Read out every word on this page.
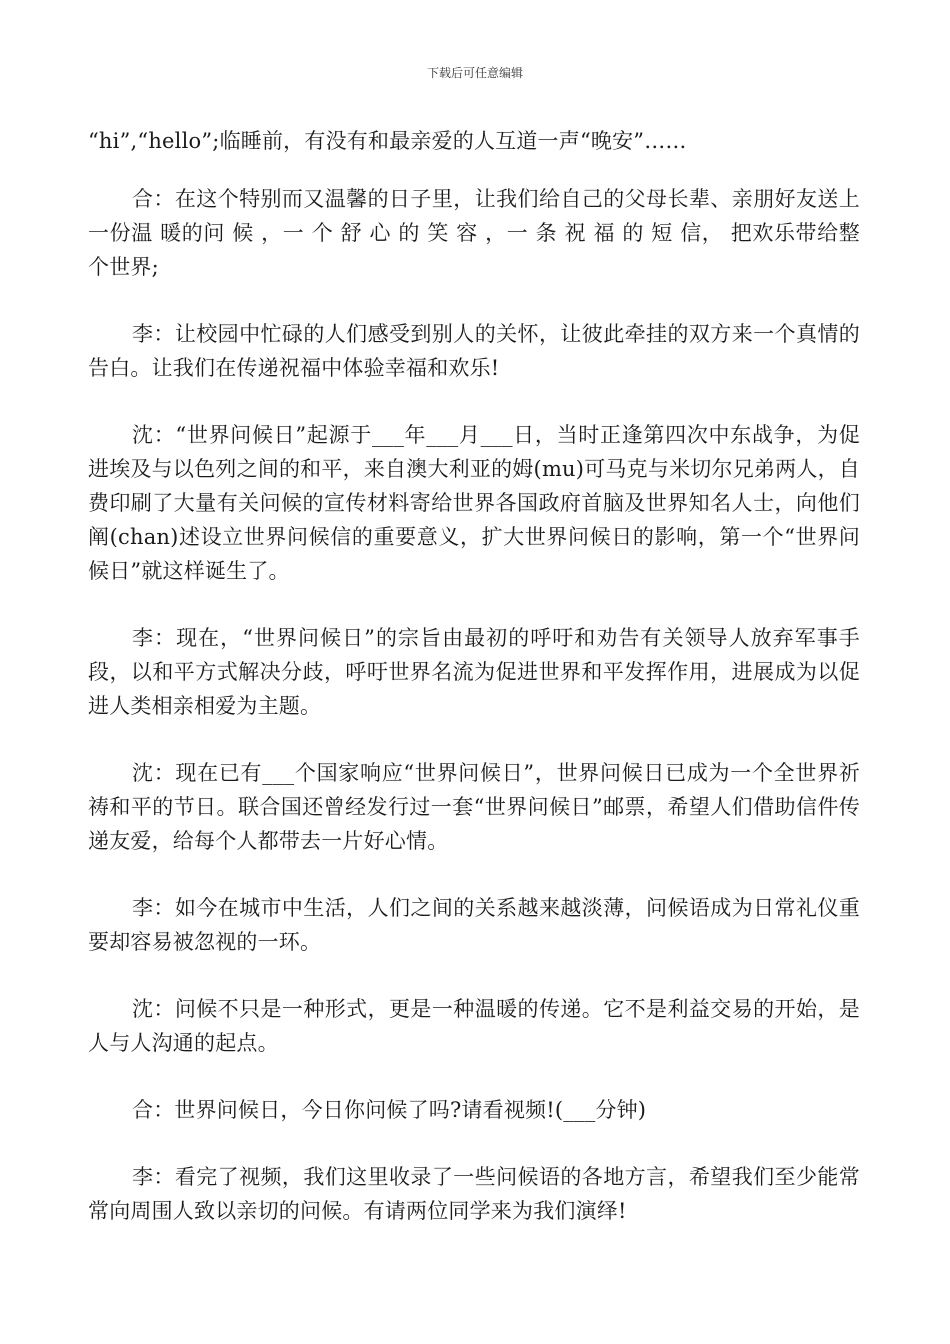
下载后可任意编辑

“hi”,“hello”;临睡前，有没有和最亲爱的人互道一声“晚安”……

合：在这个特别而又温馨的日子里，让我们给自己的父母长辈、亲朋好友送上一份温 暖的问 候 ，一 个 舒 心 的 笑 容 ，一 条 祝 福 的 短 信， 把欢乐带给整个世界;

李：让校园中忙碌的人们感受到别人的关怀，让彼此牵挂的双方来一个真情的告白。让我们在传递祝福中体验幸福和欢乐!

沈：“世界问候日”起源于___年___月___日，当时正逢第四次中东战争，为促进埃及与以色列之间的和平，来自澳大利亚的姆(mu)可马克与米切尔兄弟两人，自费印刷了大量有关问候的宣传材料寄给世界各国政府首脑及世界知名人士，向他们阐(chan)述设立世界问候信的重要意义，扩大世界问候日的影响，第一个“世界问候日”就这样诞生了。

李：现在，“世界问候日”的宗旨由最初的呼吁和劝告有关领导人放弃军事手段，以和平方式解决分歧，呼吁世界名流为促进世界和平发挥作用，进展成为以促进人类相亲相爱为主题。

沈：现在已有___个国家响应“世界问候日”，世界问候日已成为一个全世界祈祷和平的节日。联合国还曾经发行过一套“世界问候日”邮票，希望人们借助信件传递友爱，给每个人都带去一片好心情。

李：如今在城市中生活，人们之间的关系越来越淡薄，问候语成为日常礼仪重要却容易被忽视的一环。

沈：问候不只是一种形式，更是一种温暖的传递。它不是利益交易的开始，是人与人沟通的起点。

合：世界问候日，今日你问候了吗?请看视频!(___分钟)

李：看完了视频，我们这里收录了一些问候语的各地方言，希望我们至少能常常向周围人致以亲切的问候。有请两位同学来为我们演绎!
